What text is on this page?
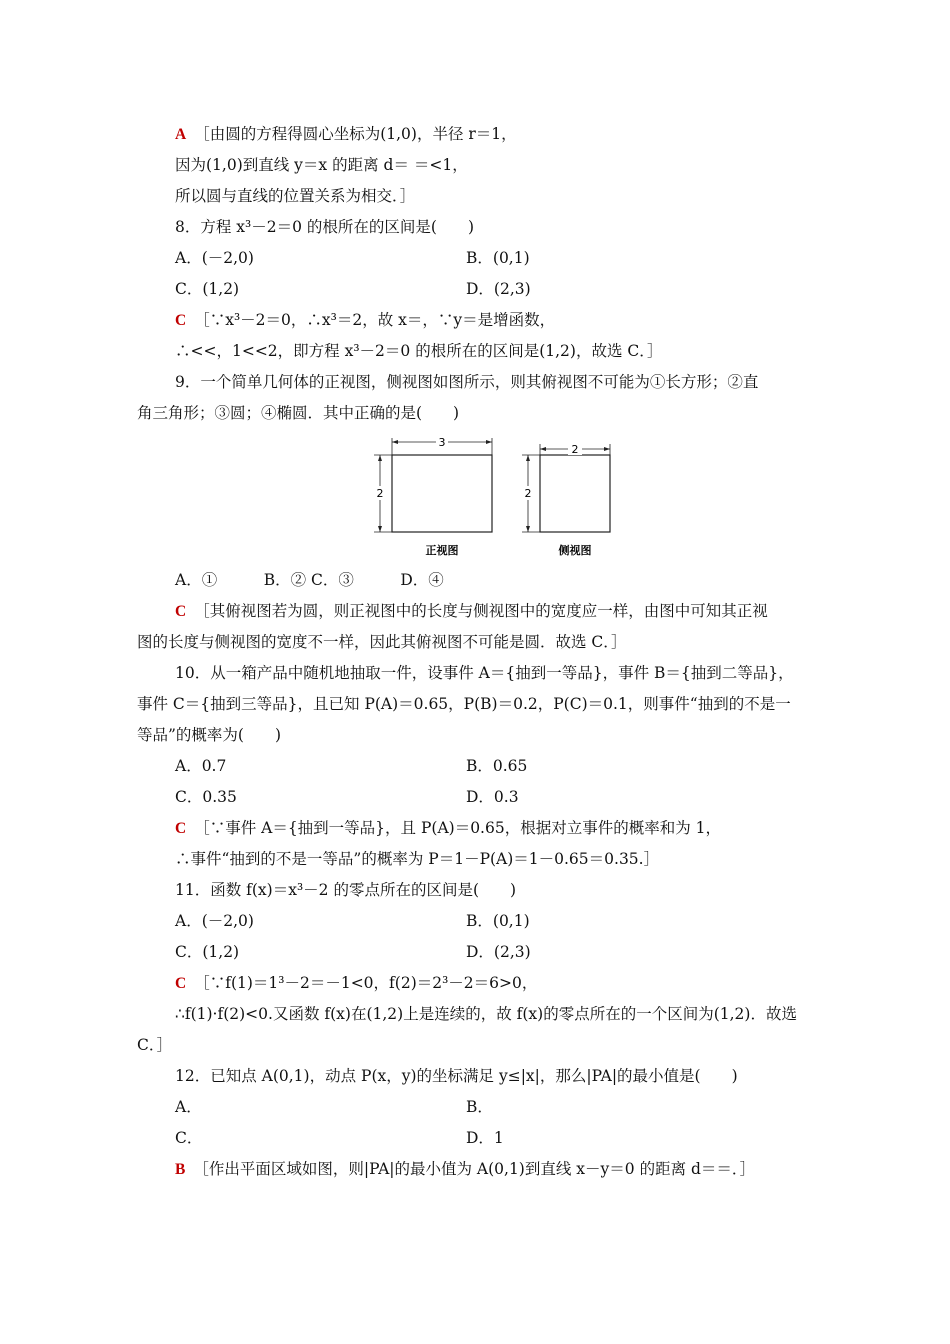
A ［由圆的方程得圆心坐标为(1,0)，半径 r＝1，
因为(1,0)到直线 y＝x 的距离 d＝ ＝<1，
所以圆与直线的位置关系为相交．］
8．方程 x³－2＝0 的根所在的区间是(　　)
A．(－2,0)	B．(0,1)
C．(1,2)	D．(2,3)
C ［∵x³－2＝0，∴x³＝2，故 x＝，∵y＝是增函数，
∴<<，1<<2，即方程 x³－2＝0 的根所在的区间是(1,2)，故选 C．］
9．一个简单几何体的正视图，侧视图如图所示，则其俯视图不可能为①长方形；②直
角三角形；③圆；④椭圆．其中正确的是(　　)
A．①　　　B．② C．③　　　D．④
C ［其俯视图若为圆，则正视图中的长度与侧视图中的宽度应一样，由图中可知其正视
图的长度与侧视图的宽度不一样，因此其俯视图不可能是圆．故选 C．］
10．从一箱产品中随机地抽取一件，设事件 A＝{抽到一等品}，事件 B＝{抽到二等品}，
事件 C＝{抽到三等品}，且已知 P(A)＝0.65，P(B)＝0.2，P(C)＝0.1，则事件“抽到的不是一
等品”的概率为(　　)
A．0.7	B．0.65
C．0.35	D．0.3
C ［∵事件 A＝{抽到一等品}，且 P(A)＝0.65，根据对立事件的概率和为 1，
∴事件“抽到的不是一等品”的概率为 P＝1－P(A)＝1－0.65＝0.35.］
11．函数 f(x)＝x³－2 的零点所在的区间是(　　)
A．(－2,0)	B．(0,1)
C．(1,2)	D．(2,3)
C ［∵f(1)＝1³－2＝－1<0，f(2)＝2³－2＝6>0，
∴f(1)·f(2)<0.又函数 f(x)在(1,2)上是连续的，故 f(x)的零点所在的一个区间为(1,2)．故选
C．］
12．已知点 A(0,1)，动点 P(x，y)的坐标满足 y≤|x|，那么|PA|的最小值是(　　)
A．	B．
C．	D．1
B ［作出平面区域如图，则|PA|的最小值为 A(0,1)到直线 x－y＝0 的距离 d＝＝．］
3
2
正视图
2
2
侧视图
